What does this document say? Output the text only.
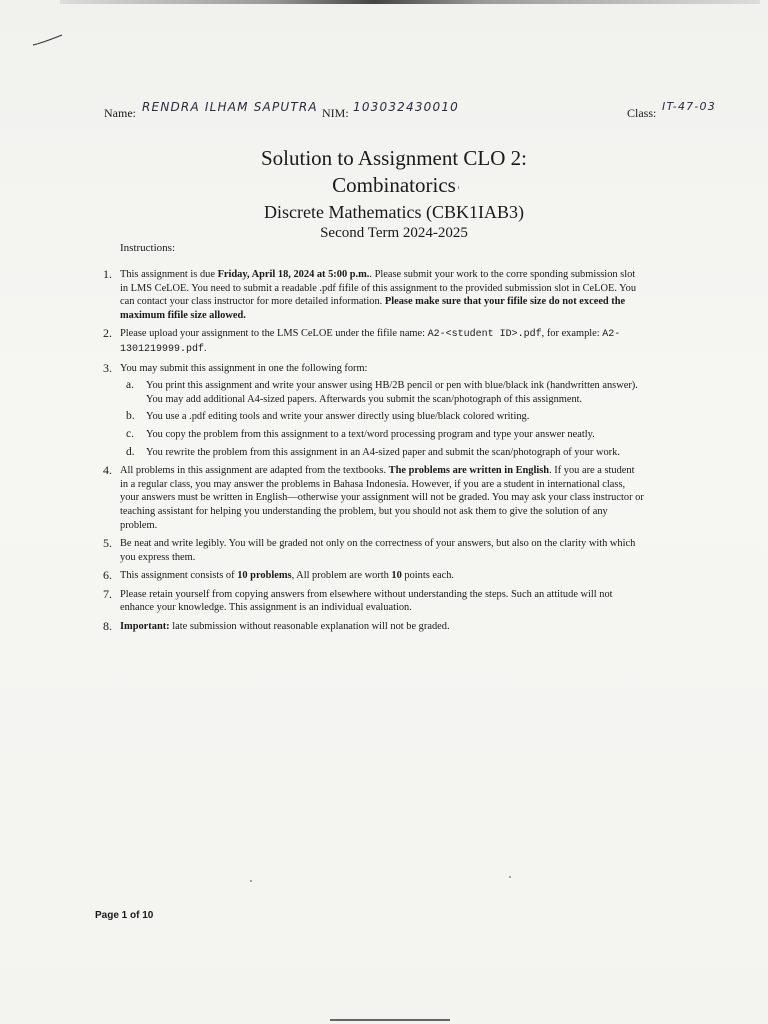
Name: RENDRA ILHAM SAPUTRA NIM: 103032430010	Class: IT-47-03
Solution to Assignment CLO 2:
Combinatorics
Discrete Mathematics (CBK1IAB3)
Second Term 2024-2025
Instructions:
1. This assignment is due Friday, April 18, 2024 at 5:00 p.m.. Please submit your work to the corre sponding submission slot in LMS CeLOE. You need to submit a readable .pdf fifile of this assignment to the provided submission slot in CeLOE. You can contact your class instructor for more detailed information. Please make sure that your fifile size do not exceed the maximum fifile size allowed.
2. Please upload your assignment to the LMS CeLOE under the fifile name: A2-<student ID>.pdf, for example: A2-1301219999.pdf.
3. You may submit this assignment in one the following form:
a. You print this assignment and write your answer using HB/2B pencil or pen with blue/black ink (handwritten answer). You may add additional A4-sized papers. Afterwards you submit the scan/photograph of this assignment.
b. You use a .pdf editing tools and write your answer directly using blue/black colored writing.
c. You copy the problem from this assignment to a text/word processing program and type your answer neatly.
d. You rewrite the problem from this assignment in an A4-sized paper and submit the scan/photograph of your work.
4. All problems in this assignment are adapted from the textbooks. The problems are written in English. If you are a student in a regular class, you may answer the problems in Bahasa Indonesia. However, if you are a student in international class, your answers must be written in English—otherwise your assignment will not be graded. You may ask your class instructor or teaching assistant for helping you understanding the problem, but you should not ask them to give the solution of any problem.
5. Be neat and write legibly. You will be graded not only on the correctness of your answers, but also on the clarity with which you express them.
6. This assignment consists of 10 problems, All problem are worth 10 points each.
7. Please retain yourself from copying answers from elsewhere without understanding the steps. Such an attitude will not enhance your knowledge. This assignment is an individual evaluation.
8. Important: late submission without reasonable explanation will not be graded.
Page 1 of 10
